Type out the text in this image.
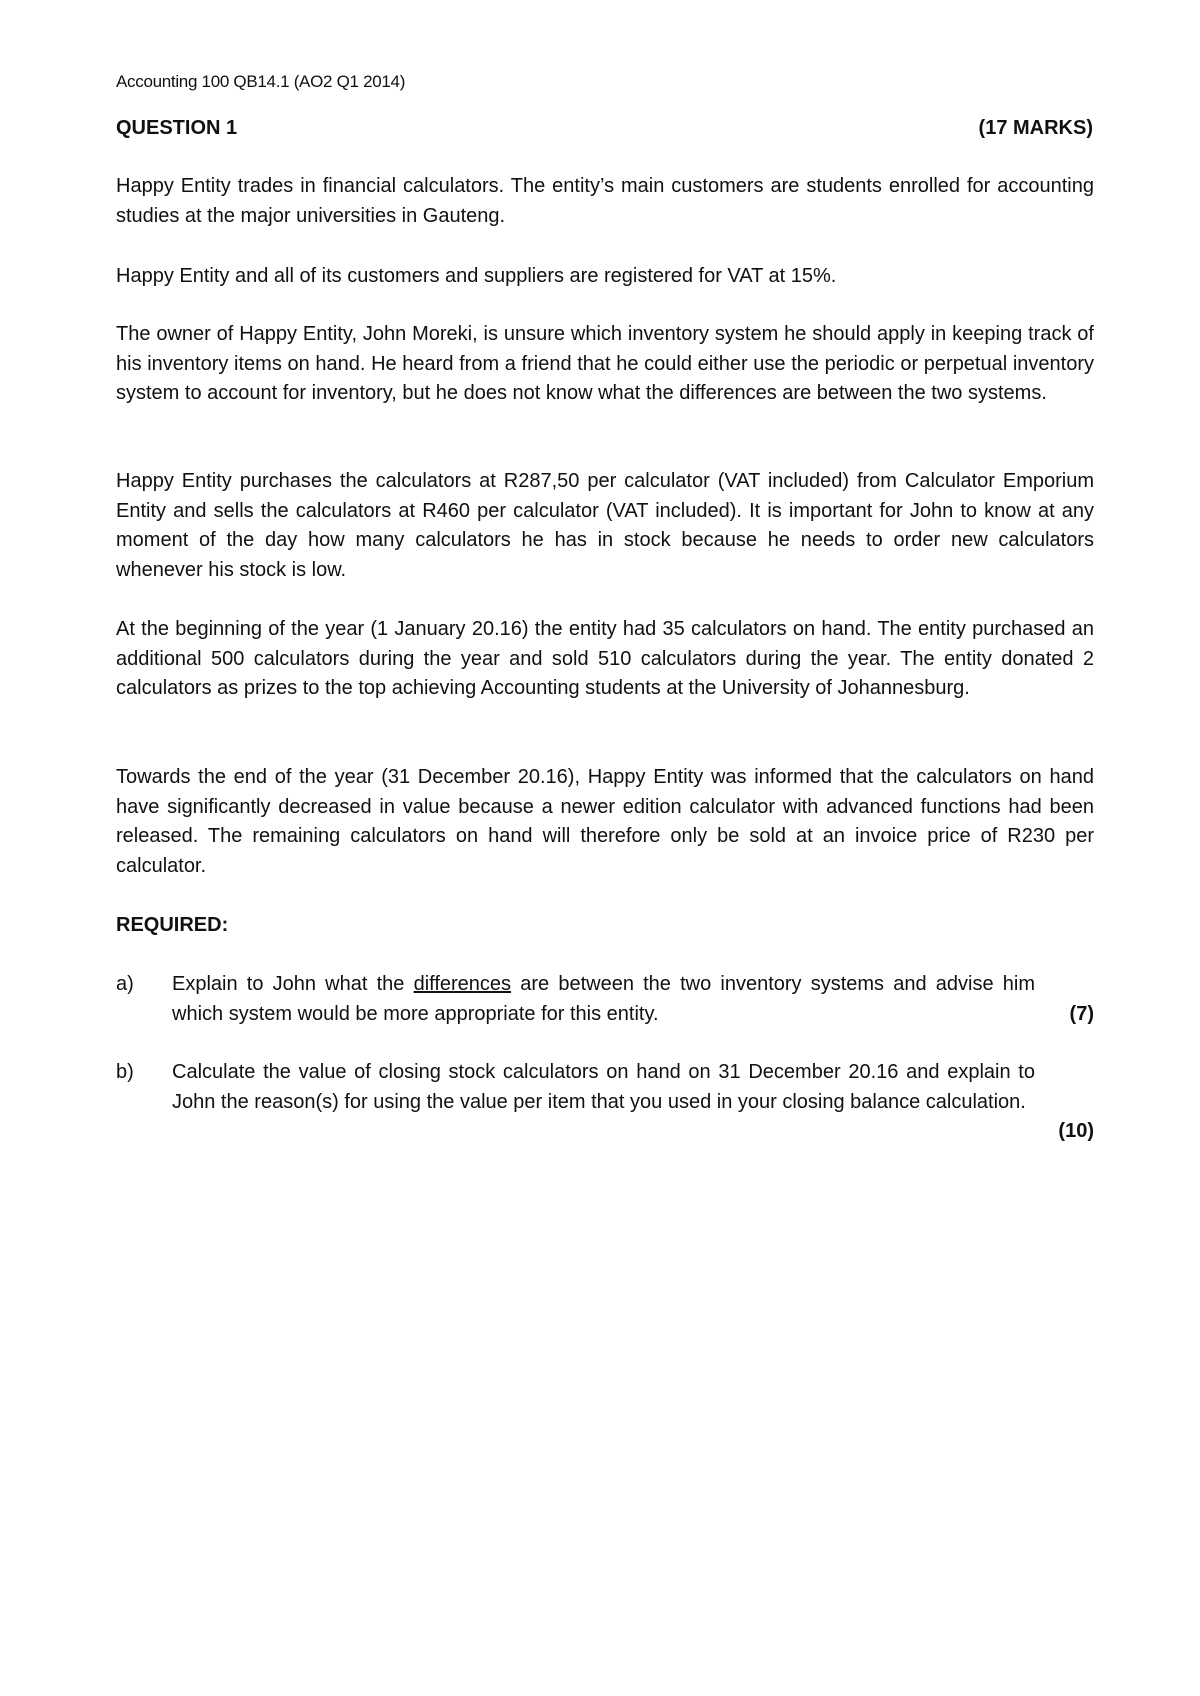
Accounting 100 QB14.1 (AO2 Q1 2014)
QUESTION 1	(17 MARKS)

Happy Entity trades in financial calculators. The entity’s main customers are students enrolled for accounting studies at the major universities in Gauteng.

Happy Entity and all of its customers and suppliers are registered for VAT at 15%.

The owner of Happy Entity, John Moreki, is unsure which inventory system he should apply in keeping track of his inventory items on hand. He heard from a friend that he could either use the periodic or perpetual inventory system to account for inventory, but he does not know what the differences are between the two systems.

Happy Entity purchases the calculators at R287,50 per calculator (VAT included) from Calculator Emporium Entity and sells the calculators at R460 per calculator (VAT included). It is important for John to know at any moment of the day how many calculators he has in stock because he needs to order new calculators whenever his stock is low.

At the beginning of the year (1 January 20.16) the entity had 35 calculators on hand. The entity purchased an additional 500 calculators during the year and sold 510 calculators during the year. The entity donated 2 calculators as prizes to the top achieving Accounting students at the University of Johannesburg.

Towards the end of the year (31 December 20.16), Happy Entity was informed that the calculators on hand have significantly decreased in value because a newer edition calculator with advanced functions had been released. The remaining calculators on hand will therefore only be sold at an invoice price of R230 per calculator.

REQUIRED:
a) Explain to John what the differences are between the two inventory systems and advise him which system would be more appropriate for this entity.	(7)
b) Calculate the value of closing stock calculators on hand on 31 December 20.16 and explain to John the reason(s) for using the value per item that you used in your closing balance calculation.

(10)
